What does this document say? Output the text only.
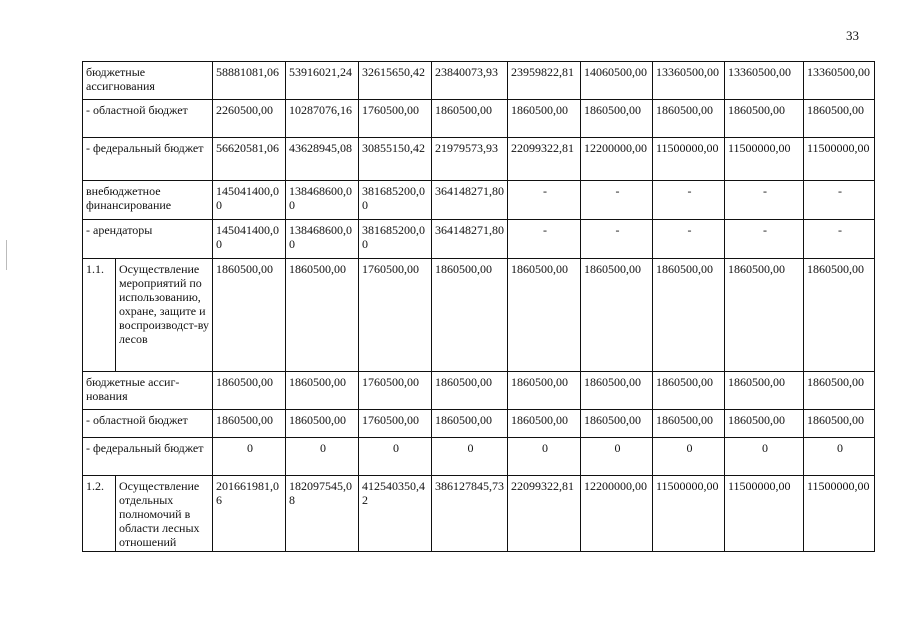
33
бюджетные ассигнования		58881081,06	53916021,24	32615650,42	23840073,93	23959822,81	14060500,00	13360500,00	13360500,00	13360500,00
- областной бюджет		2260500,00	10287076,16	1760500,00	1860500,00	1860500,00	1860500,00	1860500,00	1860500,00	1860500,00
- федеральный бюджет		56620581,06	43628945,08	30855150,42	21979573,93	22099322,81	12200000,00	11500000,00	11500000,00	11500000,00
внебюджетное финансирование		145041400,00	138468600,00	381685200,00	364148271,80	-	-	-	-	-
- арендаторы		145041400,00	138468600,00	381685200,00	364148271,80	-	-	-	-	-
1.1.	Осуществление мероприятий по использованию, охране, защите и воспроизводст-ву лесов	1860500,00	1860500,00	1760500,00	1860500,00	1860500,00	1860500,00	1860500,00	1860500,00	1860500,00
бюджетные ассиг-нования		1860500,00	1860500,00	1760500,00	1860500,00	1860500,00	1860500,00	1860500,00	1860500,00	1860500,00
- областной бюджет		1860500,00	1860500,00	1760500,00	1860500,00	1860500,00	1860500,00	1860500,00	1860500,00	1860500,00
- федеральный бюджет		0	0	0	0	0	0	0	0	0
1.2.	Осуществление отдельных полномочий в области лесных отношений	201661981,06	182097545,08	412540350,42	386127845,73	22099322,81	12200000,00	11500000,00	11500000,00	11500000,00
